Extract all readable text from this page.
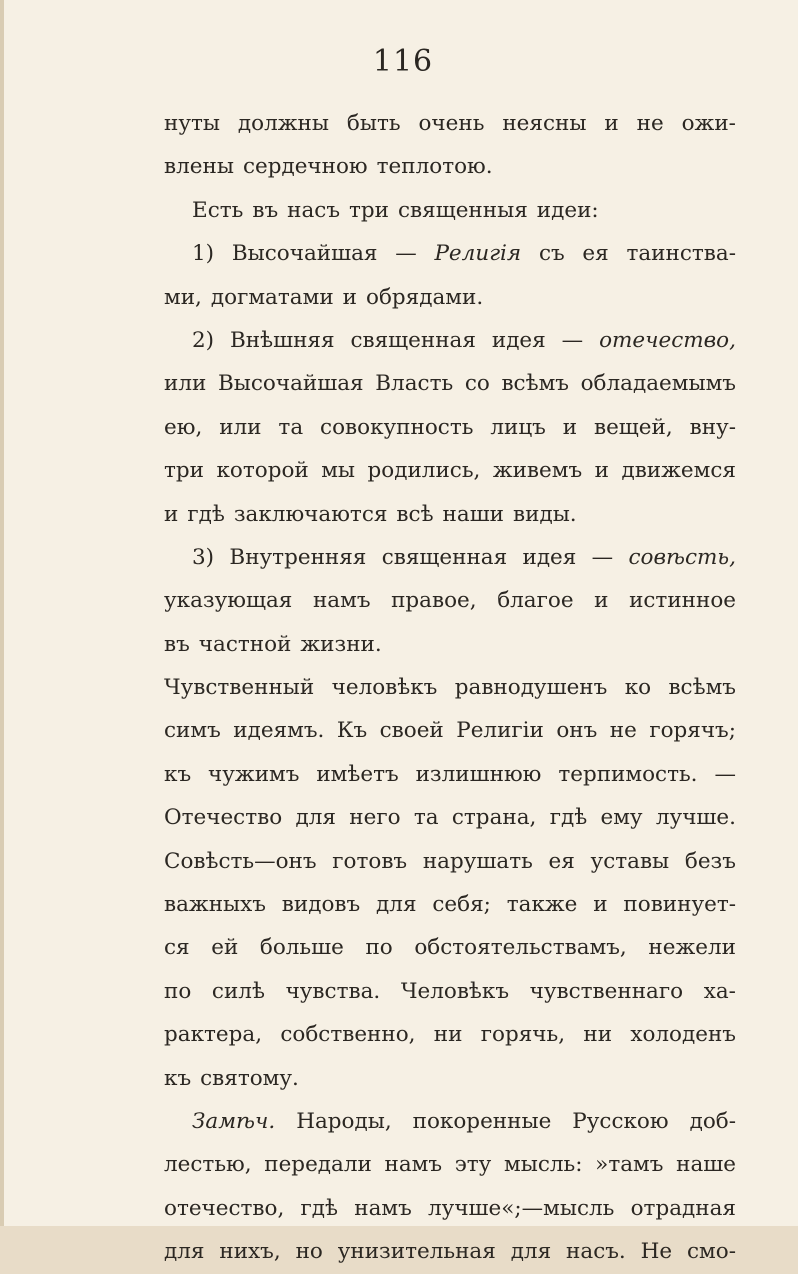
116
нуты должны быть очень неясны и не ожи-
влены сердечною теплотою.
Есть въ насъ три священныя идеи:
1) Высочайшая — Религія съ ея таинства-
ми, догматами и обрядами.
2) Внѣшняя священная идея — отечество,
или Высочайшая Власть со всѣмъ обладаемымъ
ею, или та совокупность лицъ и вещей, вну-
три которой мы родились, живемъ и движемся
и гдѣ заключаются всѣ наши виды.
3) Внутренняя священная идея — совѣсть,
указующая намъ правое, благое и истинное
въ частной жизни.
Чувственный человѣкъ равнодушенъ ко всѣмъ
симъ идеямъ. Къ своей Религіи онъ не горячъ;
къ чужимъ имѣетъ излишнюю терпимость. —
Отечество для него та страна, гдѣ ему лучше.
Совѣсть—онъ готовъ нарушать ея уставы безъ
важныхъ видовъ для себя; также и повинует-
ся ей больше по обстоятельствамъ, нежели
по силѣ чувства. Человѣкъ чувственнаго ха-
рактера, собственно, ни горячь, ни холоденъ
къ святому.
Замѣч. Народы, покоренные Русскою доб-
лестью, передали намъ эту мысль: »тамъ наше
отечество, гдѣ намъ лучше«;—мысль отрадная
для нихъ, но унизительная для насъ. Не смо-
